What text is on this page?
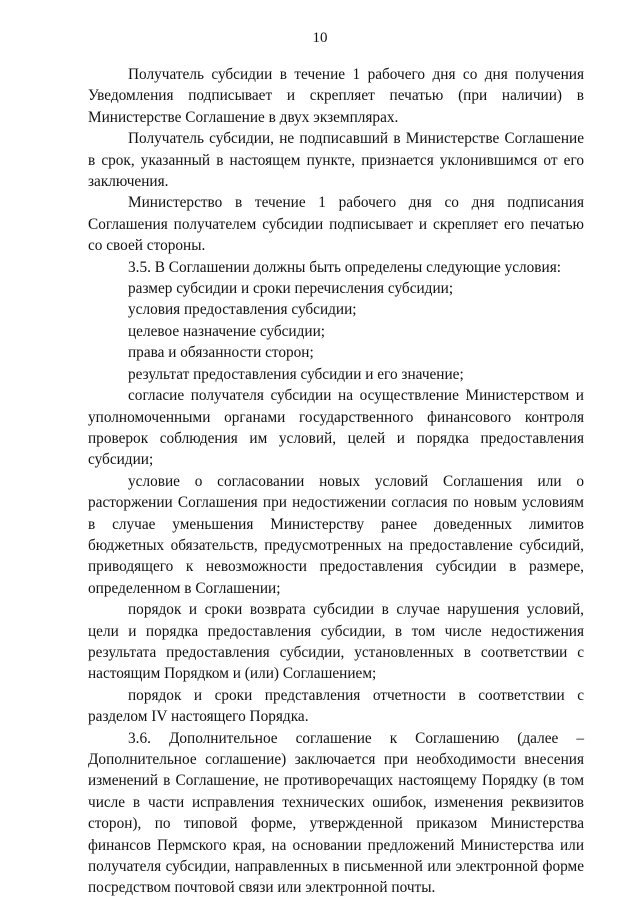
10

Получатель субсидии в течение 1 рабочего дня со дня получения Уведомления подписывает и скрепляет печатью (при наличии) в Министерстве Соглашение в двух экземплярах.

Получатель субсидии, не подписавший в Министерстве Соглашение в срок, указанный в настоящем пункте, признается уклонившимся от его заключения.

Министерство в течение 1 рабочего дня со дня подписания Соглашения получателем субсидии подписывает и скрепляет его печатью со своей стороны.

3.5. В Соглашении должны быть определены следующие условия:

размер субсидии и сроки перечисления субсидии;

условия предоставления субсидии;

целевое назначение субсидии;

права и обязанности сторон;

результат предоставления субсидии и его значение;

согласие получателя субсидии на осуществление Министерством и уполномоченными органами государственного финансового контроля проверок соблюдения им условий, целей и порядка предоставления субсидии;

условие о согласовании новых условий Соглашения или о расторжении Соглашения при недостижении согласия по новым условиям в случае уменьшения Министерству ранее доведенных лимитов бюджетных обязательств, предусмотренных на предоставление субсидий, приводящего к невозможности предоставления субсидии в размере, определенном в Соглашении;

порядок и сроки возврата субсидии в случае нарушения условий, цели и порядка предоставления субсидии, в том числе недостижения результата предоставления субсидии, установленных в соответствии с настоящим Порядком и (или) Соглашением;

порядок и сроки представления отчетности в соответствии с разделом IV настоящего Порядка.

3.6. Дополнительное соглашение к Соглашению (далее – Дополнительное соглашение) заключается при необходимости внесения изменений в Соглашение, не противоречащих настоящему Порядку (в том числе в части исправления технических ошибок, изменения реквизитов сторон), по типовой форме, утвержденной приказом Министерства финансов Пермского края, на основании предложений Министерства или получателя субсидии, направленных в письменной или электронной форме посредством почтовой связи или электронной почты.
